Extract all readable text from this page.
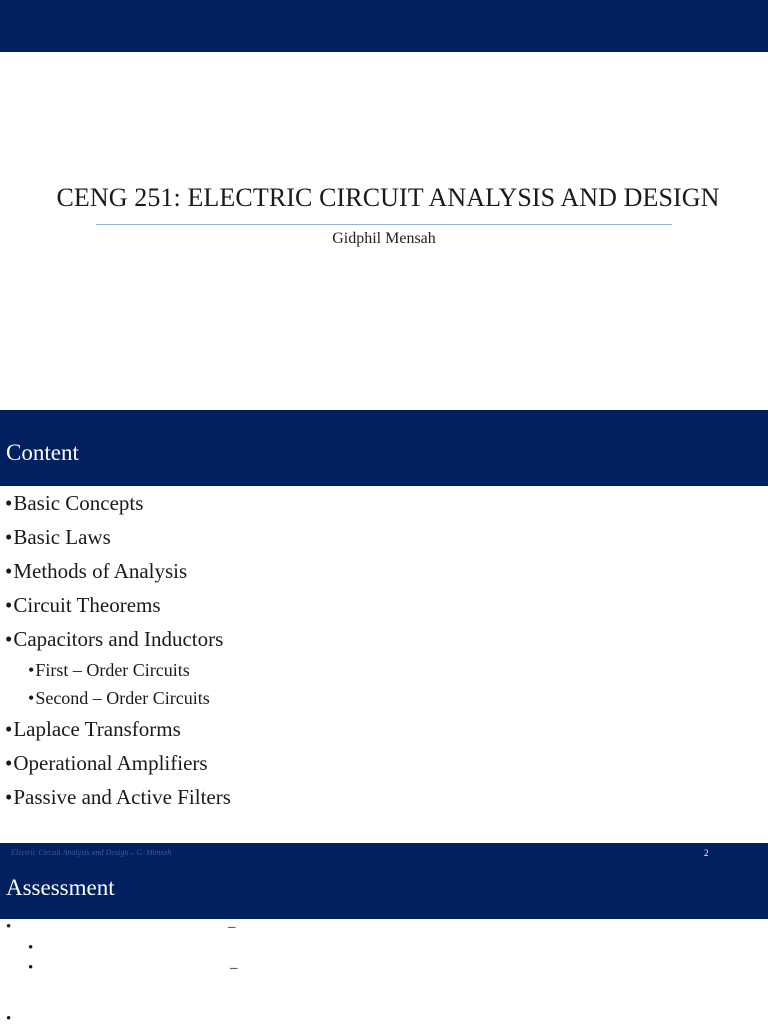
CENG 251: ELECTRIC CIRCUIT ANALYSIS AND DESIGN
Gidphil Mensah
Content
•Basic Concepts
•Basic Laws
•Methods of Analysis
•Circuit Theorems
•Capacitors and Inductors
•First – Order Circuits
•Second – Order Circuits
•Laplace Transforms
•Operational Amplifiers
•Passive and Active Filters
Electric Circuit Analysis and Design – G. Mensah	2
Assessment
•	–
•
•	–
•
